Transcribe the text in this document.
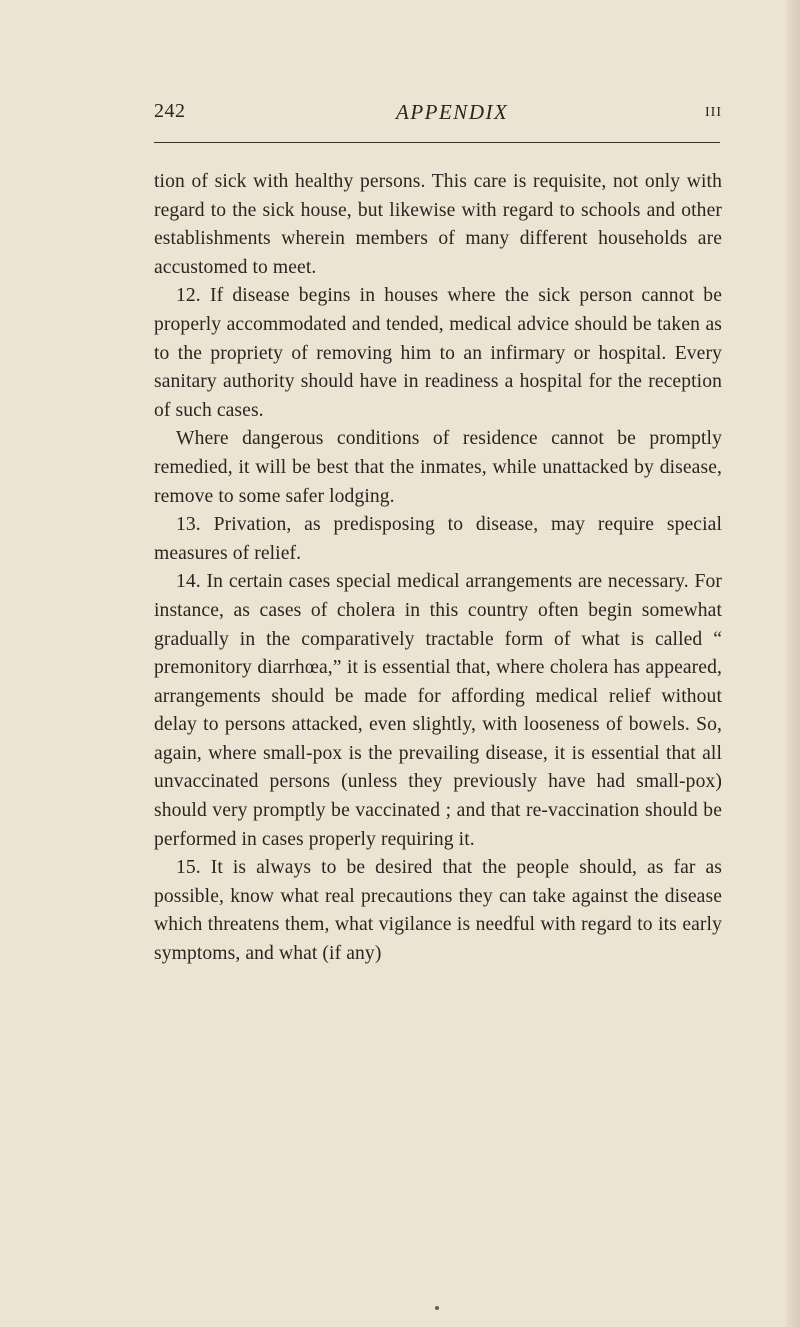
242	APPENDIX	III

tion of sick with healthy persons. This care is requisite, not only with regard to the sick house, but likewise with regard to schools and other establishments wherein members of many different households are accustomed to meet.

12. If disease begins in houses where the sick person cannot be properly accommodated and tended, medical advice should be taken as to the propriety of removing him to an infirmary or hospital. Every sanitary authority should have in readiness a hospital for the reception of such cases.

Where dangerous conditions of residence cannot be promptly remedied, it will be best that the inmates, while unattacked by disease, remove to some safer lodging.

13. Privation, as predisposing to disease, may require special measures of relief.

14. In certain cases special medical arrangements are necessary. For instance, as cases of cholera in this country often begin somewhat gradually in the comparatively tractable form of what is called “ premonitory diarrhœa,” it is essential that, where cholera has appeared, arrangements should be made for affording medical relief without delay to persons attacked, even slightly, with looseness of bowels. So, again, where small-pox is the prevailing disease, it is essential that all unvaccinated persons (unless they previously have had small-pox) should very promptly be vaccinated ; and that re-vaccination should be performed in cases properly requiring it.

15. It is always to be desired that the people should, as far as possible, know what real precautions they can take against the disease which threatens them, what vigilance is needful with regard to its early symptoms, and what (if any)
